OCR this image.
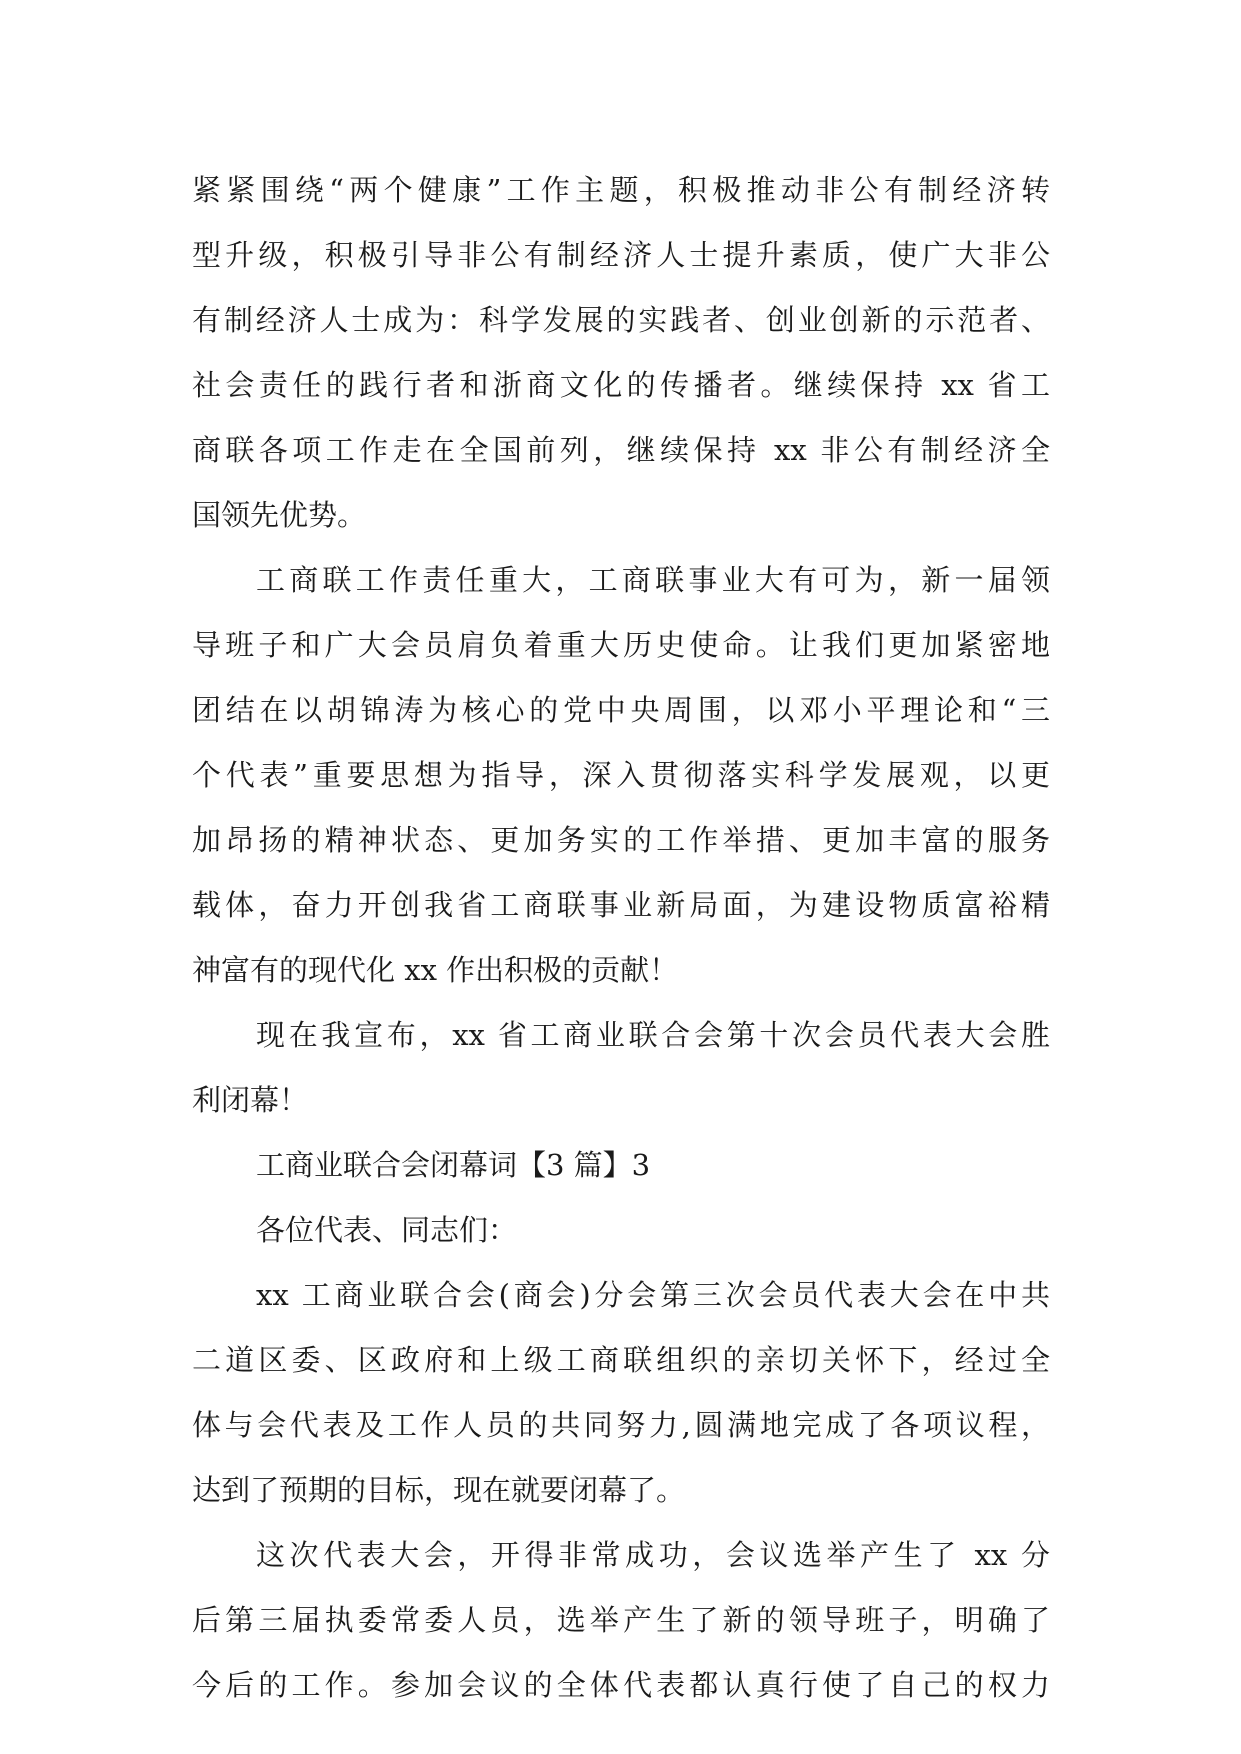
紧紧围绕“两个健康”工作主题，积极推动非公有制经济转
型升级，积极引导非公有制经济人士提升素质，使广大非公
有制经济人士成为：科学发展的实践者、创业创新的示范者、
社会责任的践行者和浙商文化的传播者。继续保持 xx 省工
商联各项工作走在全国前列，继续保持 xx 非公有制经济全
国领先优势。
工商联工作责任重大，工商联事业大有可为，新一届领
导班子和广大会员肩负着重大历史使命。让我们更加紧密地
团结在以胡锦涛为核心的党中央周围，以邓小平理论和“三
个代表”重要思想为指导，深入贯彻落实科学发展观，以更
加昂扬的精神状态、更加务实的工作举措、更加丰富的服务
载体，奋力开创我省工商联事业新局面，为建设物质富裕精
神富有的现代化 xx 作出积极的贡献！
现在我宣布，xx 省工商业联合会第十次会员代表大会胜
利闭幕！
工商业联合会闭幕词【3 篇】3
各位代表、同志们：
xx 工商业联合会(商会)分会第三次会员代表大会在中共
二道区委、区政府和上级工商联组织的亲切关怀下，经过全
体与会代表及工作人员的共同努力,圆满地完成了各项议程，
达到了预期的目标，现在就要闭幕了。
这次代表大会，开得非常成功，会议选举产生了 xx 分
后第三届执委常委人员，选举产生了新的领导班子，明确了
今后的工作。参加会议的全体代表都认真行使了自己的权力
